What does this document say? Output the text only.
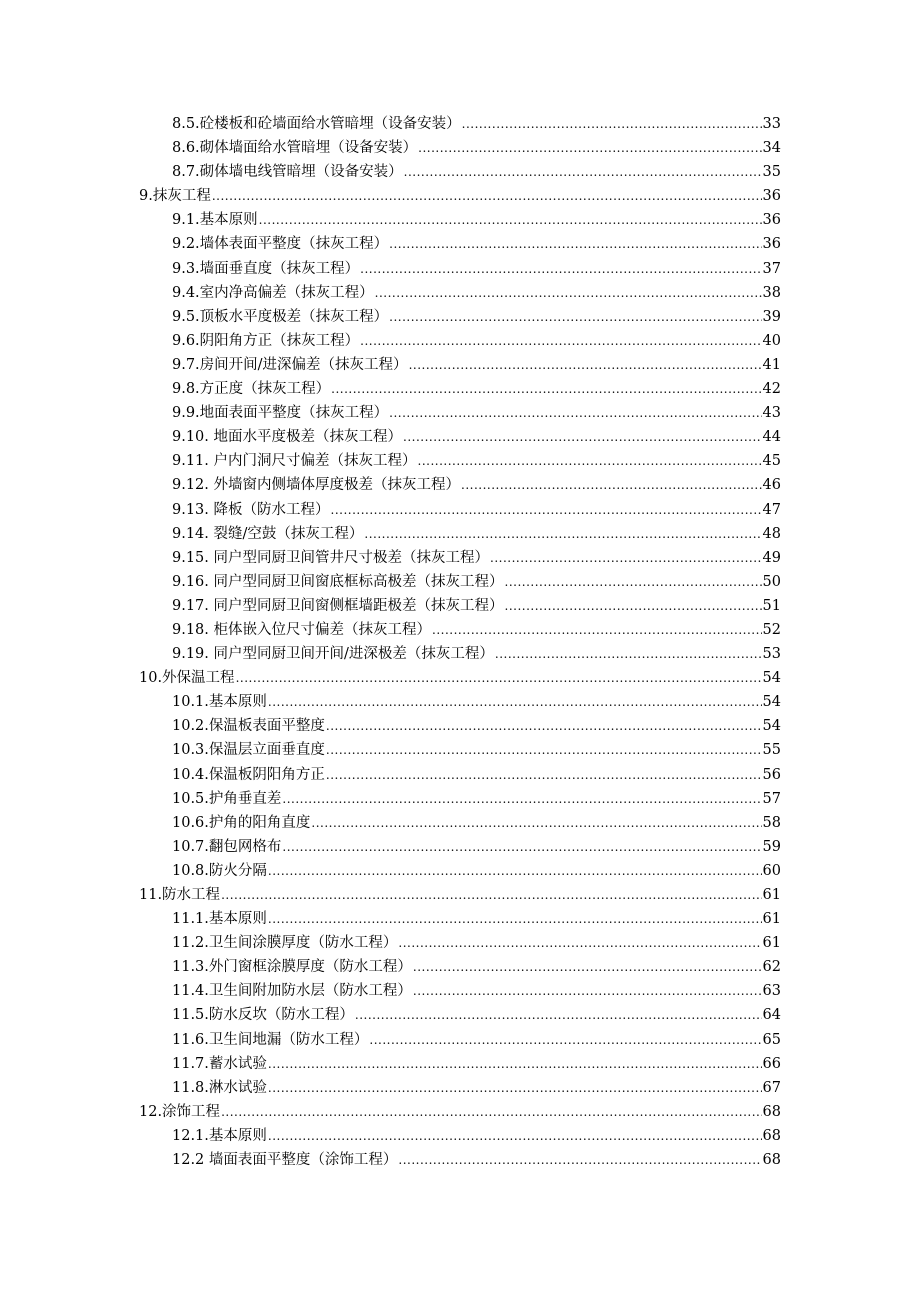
8.5.砼楼板和砼墙面给水管暗埋（设备安装） .....	33
8.6.砌体墙面给水管暗埋（设备安装） .....	34
8.7.砌体墙电线管暗埋（设备安装） .....	35
9.抹灰工程 .....	36
9.1.基本原则 .....	36
9.2.墙体表面平整度（抹灰工程） .....	36
9.3.墙面垂直度（抹灰工程） .....	37
9.4.室内净高偏差（抹灰工程） .....	38
9.5.顶板水平度极差（抹灰工程） .....	39
9.6.阴阳角方正（抹灰工程） .....	40
9.7.房间开间/进深偏差（抹灰工程） .....	41
9.8.方正度（抹灰工程） .....	42
9.9.地面表面平整度（抹灰工程） .....	43
9.10. 地面水平度极差（抹灰工程） .....	44
9.11. 户内门洞尺寸偏差（抹灰工程） .....	45
9.12. 外墙窗内侧墙体厚度极差（抹灰工程） .....	46
9.13. 降板（防水工程） .....	47
9.14. 裂缝/空鼓（抹灰工程） .....	48
9.15. 同户型同厨卫间管井尺寸极差（抹灰工程） .....	49
9.16. 同户型同厨卫间窗底框标高极差（抹灰工程） .....	50
9.17. 同户型同厨卫间窗侧框墙距极差（抹灰工程） .....	51
9.18. 柜体嵌入位尺寸偏差（抹灰工程） .....	52
9.19. 同户型同厨卫间开间/进深极差（抹灰工程） .....	53
10.外保温工程 .....	54
10.1.基本原则 .....	54
10.2.保温板表面平整度 .....	54
10.3.保温层立面垂直度 .....	55
10.4.保温板阴阳角方正 .....	56
10.5.护角垂直差 .....	57
10.6.护角的阳角直度 .....	58
10.7.翻包网格布 .....	59
10.8.防火分隔 .....	60
11.防水工程 .....	61
11.1.基本原则 .....	61
11.2.卫生间涂膜厚度（防水工程） .....	61
11.3.外门窗框涂膜厚度（防水工程） .....	62
11.4.卫生间附加防水层（防水工程） .....	63
11.5.防水反坎（防水工程） .....	64
11.6.卫生间地漏（防水工程） .....	65
11.7.蓄水试验 .....	66
11.8.淋水试验 .....	67
12.涂饰工程 .....	68
12.1.基本原则 .....	68
12.2 墙面表面平整度（涂饰工程） .....	68
